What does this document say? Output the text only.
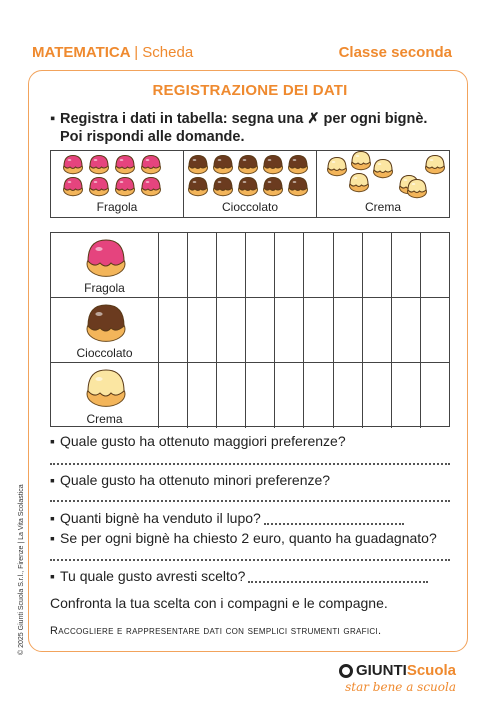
MATEMATICA | Scheda	Classe seconda
REGISTRAZIONE DEI DATI
▪ Registra i dati in tabella: segna una ✗ per ogni bignè.
Poi rispondi alle domande.
Fragola	Cioccolato	Crema
Fragola
Cioccolato
Crema
▪ Quale gusto ha ottenuto maggiori preferenze?
▪ Quale gusto ha ottenuto minori preferenze?
▪ Quanti bignè ha venduto il lupo?
▪ Se per ogni bignè ha chiesto 2 euro, quanto ha guadagnato?
▪ Tu quale gusto avresti scelto?
Confronta la tua scelta con i compagni e le compagne.
Raccogliere e rappresentare dati con semplici strumenti grafici.
© 2025 Giunti Scuola S.r.l., Firenze | La Vita Scolastica
GIUNTI Scuola
star bene a scuola
